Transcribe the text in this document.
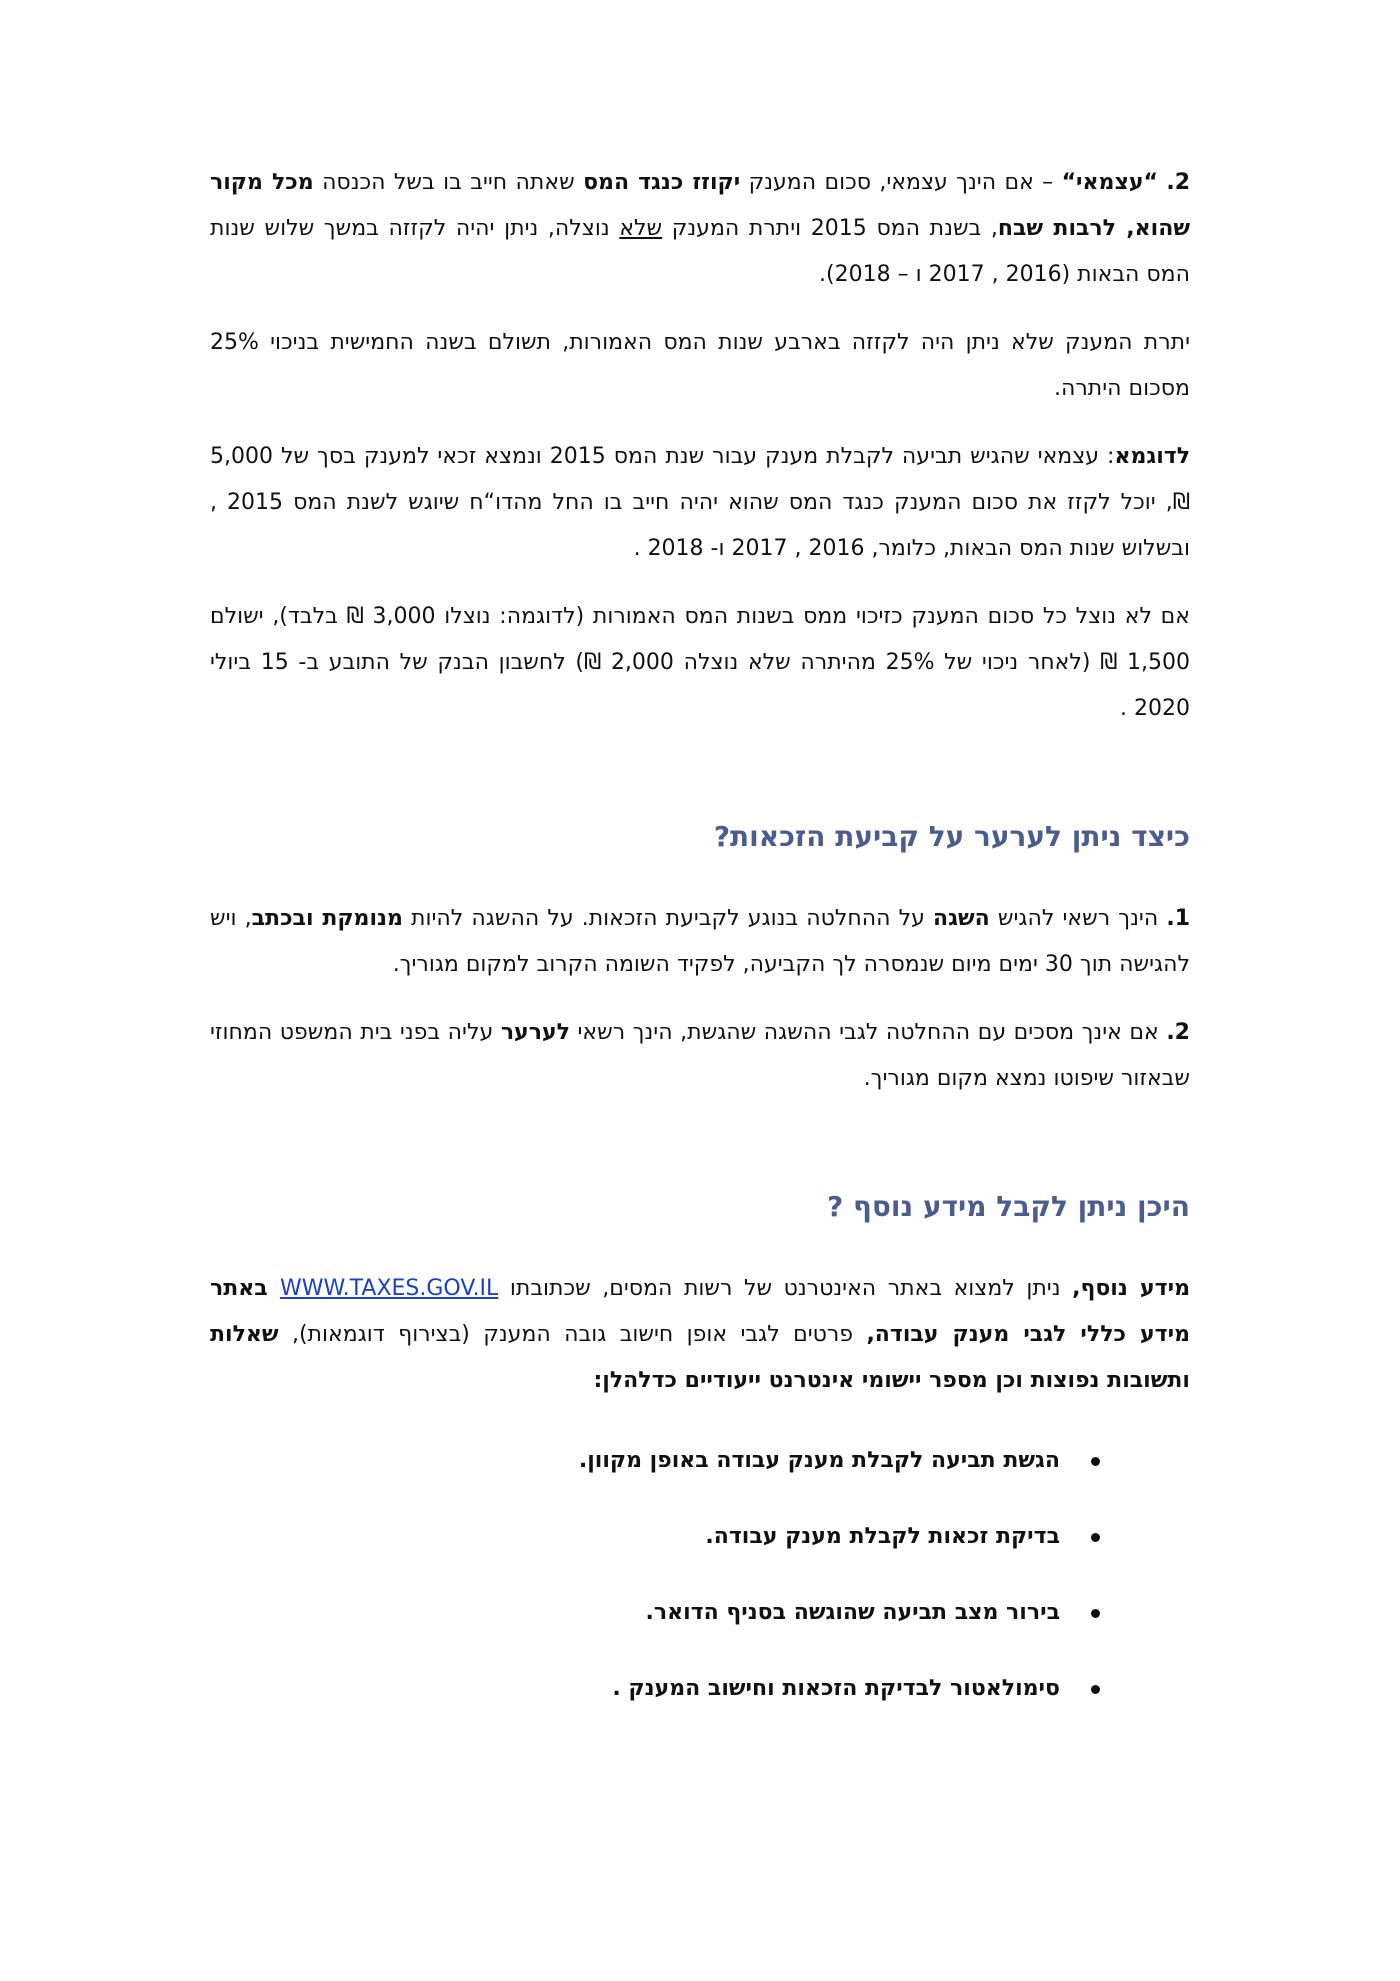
2. “עצמאי“ – אם הינך עצמאי, סכום המענק יקוזז כנגד המס שאתה חייב בו בשל הכנסה מכל מקור שהוא, לרבות שבח, בשנת המס 2015 ויתרת המענק שלא נוצלה, ניתן יהיה לקזזה במשך שלוש שנות המס הבאות (2016 , 2017 ו – 2018).

יתרת המענק שלא ניתן היה לקזזה בארבע שנות המס האמורות, תשולם בשנה החמישית בניכוי 25% מסכום היתרה.

לדוגמא: עצמאי שהגיש תביעה לקבלת מענק עבור שנת המס 2015 ונמצא זכאי למענק בסך של 5,000 ₪, יוכל לקזז את סכום המענק כנגד המס שהוא יהיה חייב בו החל מהדו“ח שיוגש לשנת המס 2015 , ובשלוש שנות המס הבאות, כלומר, 2016 , 2017 ו- 2018 .

אם לא נוצל כל סכום המענק כזיכוי ממס בשנות המס האמורות (לדוגמה: נוצלו 3,000 ₪ בלבד), ישולם 1,500 ₪ (לאחר ניכוי של 25% מהיתרה שלא נוצלה 2,000 ₪) לחשבון הבנק של התובע ב- 15 ביולי 2020 .

כיצד ניתן לערער על קביעת הזכאות?

1. הינך רשאי להגיש השגה על ההחלטה בנוגע לקביעת הזכאות. על ההשגה להיות מנומקת ובכתב, ויש להגישה תוך 30 ימים מיום שנמסרה לך הקביעה, לפקיד השומה הקרוב למקום מגוריך.

2. אם אינך מסכים עם ההחלטה לגבי ההשגה שהגשת, הינך רשאי לערער עליה בפני בית המשפט המחוזי שבאזור שיפוטו נמצא מקום מגוריך.

היכן ניתן לקבל מידע נוסף ?

מידע נוסף, ניתן למצוא באתר האינטרנט של רשות המסים, שכתובתו WWW.TAXES.GOV.IL באתר מידע כללי לגבי מענק עבודה, פרטים לגבי אופן חישוב גובה המענק (בצירוף דוגמאות), שאלות ותשובות נפוצות וכן מספר יישומי אינטרנט ייעודיים כדלהלן:

הגשת תביעה לקבלת מענק עבודה באופן מקוון.
בדיקת זכאות לקבלת מענק עבודה.
בירור מצב תביעה שהוגשה בסניף הדואר.
סימולאטור לבדיקת הזכאות וחישוב המענק .
